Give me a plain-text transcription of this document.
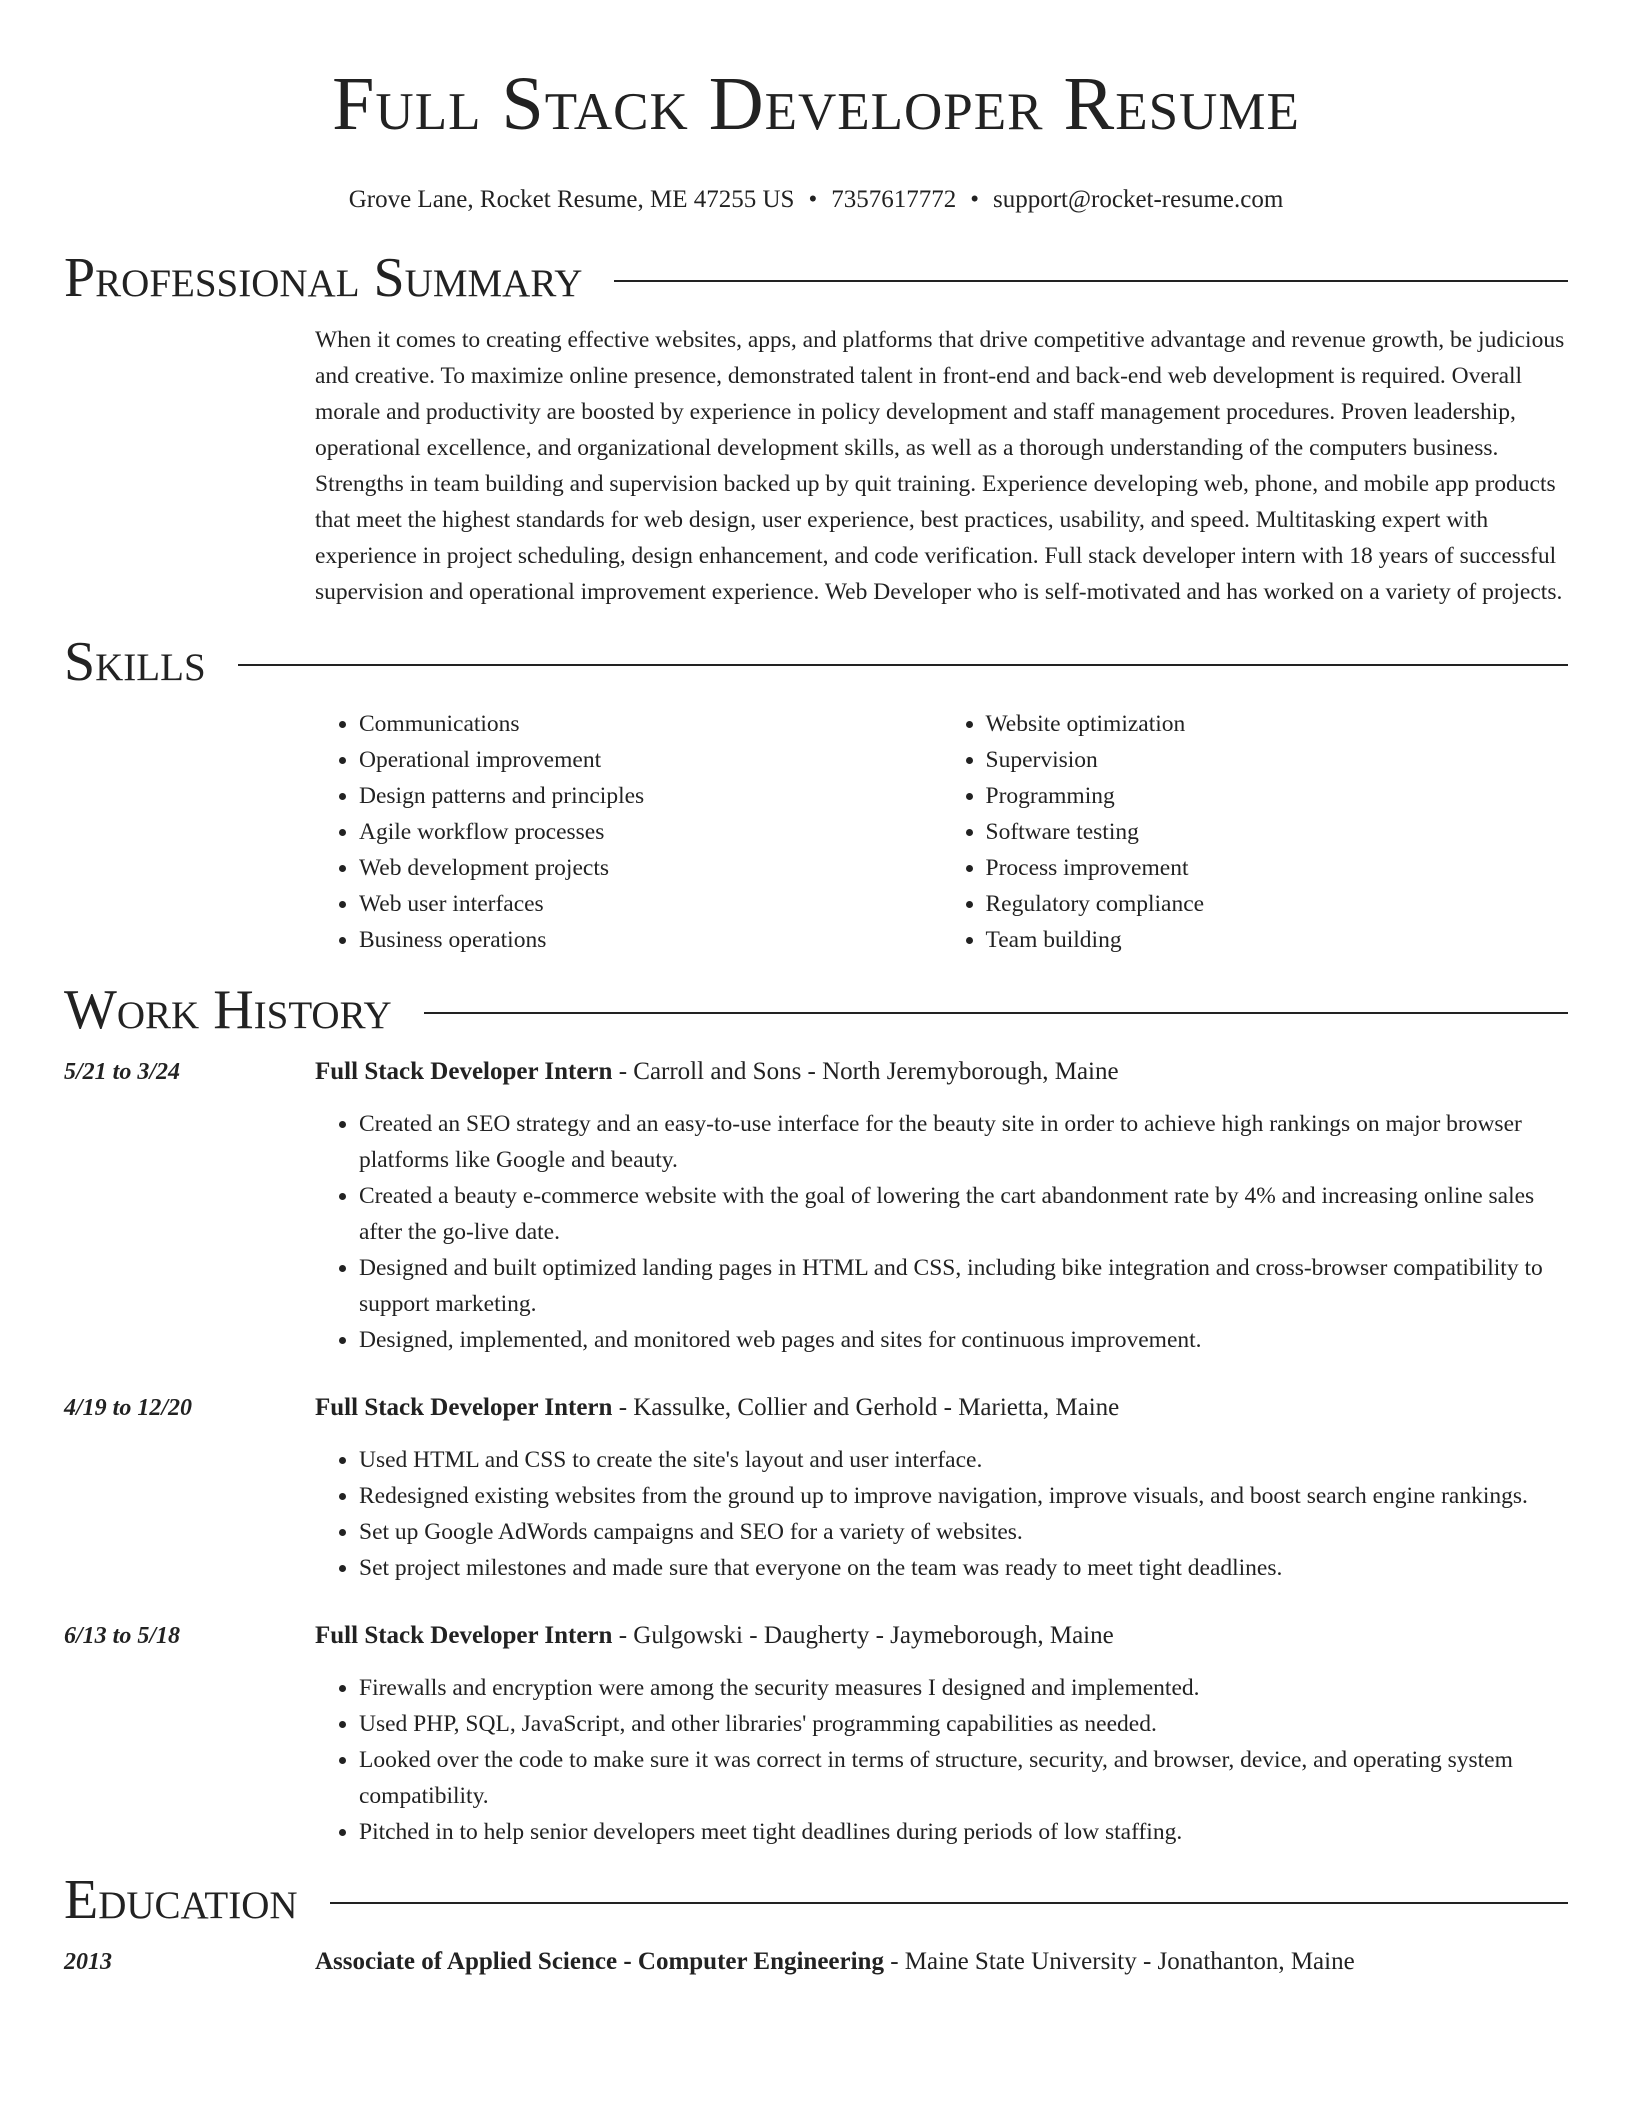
Full Stack Developer Resume
Grove Lane, Rocket Resume, ME 47255 US • 7357617772 • support@rocket-resume.com
Professional Summary
When it comes to creating effective websites, apps, and platforms that drive competitive advantage and revenue growth, be judicious and creative. To maximize online presence, demonstrated talent in front-end and back-end web development is required. Overall morale and productivity are boosted by experience in policy development and staff management procedures. Proven leadership, operational excellence, and organizational development skills, as well as a thorough understanding of the computers business. Strengths in team building and supervision backed up by quit training. Experience developing web, phone, and mobile app products that meet the highest standards for web design, user experience, best practices, usability, and speed. Multitasking expert with experience in project scheduling, design enhancement, and code verification. Full stack developer intern with 18 years of successful supervision and operational improvement experience. Web Developer who is self-motivated and has worked on a variety of projects.
Skills
• Communications
• Operational improvement
• Design patterns and principles
• Agile workflow processes
• Web development projects
• Web user interfaces
• Business operations
• Website optimization
• Supervision
• Programming
• Software testing
• Process improvement
• Regulatory compliance
• Team building
Work History
5/21 to 3/24	Full Stack Developer Intern - Carroll and Sons - North Jeremyborough, Maine
• Created an SEO strategy and an easy-to-use interface for the beauty site in order to achieve high rankings on major browser platforms like Google and beauty.
• Created a beauty e-commerce website with the goal of lowering the cart abandonment rate by 4% and increasing online sales after the go-live date.
• Designed and built optimized landing pages in HTML and CSS, including bike integration and cross-browser compatibility to support marketing.
• Designed, implemented, and monitored web pages and sites for continuous improvement.
4/19 to 12/20	Full Stack Developer Intern - Kassulke, Collier and Gerhold - Marietta, Maine
• Used HTML and CSS to create the site's layout and user interface.
• Redesigned existing websites from the ground up to improve navigation, improve visuals, and boost search engine rankings.
• Set up Google AdWords campaigns and SEO for a variety of websites.
• Set project milestones and made sure that everyone on the team was ready to meet tight deadlines.
6/13 to 5/18	Full Stack Developer Intern - Gulgowski - Daugherty - Jaymeborough, Maine
• Firewalls and encryption were among the security measures I designed and implemented.
• Used PHP, SQL, JavaScript, and other libraries' programming capabilities as needed.
• Looked over the code to make sure it was correct in terms of structure, security, and browser, device, and operating system compatibility.
• Pitched in to help senior developers meet tight deadlines during periods of low staffing.
Education
2013	Associate of Applied Science - Computer Engineering - Maine State University - Jonathanton, Maine
